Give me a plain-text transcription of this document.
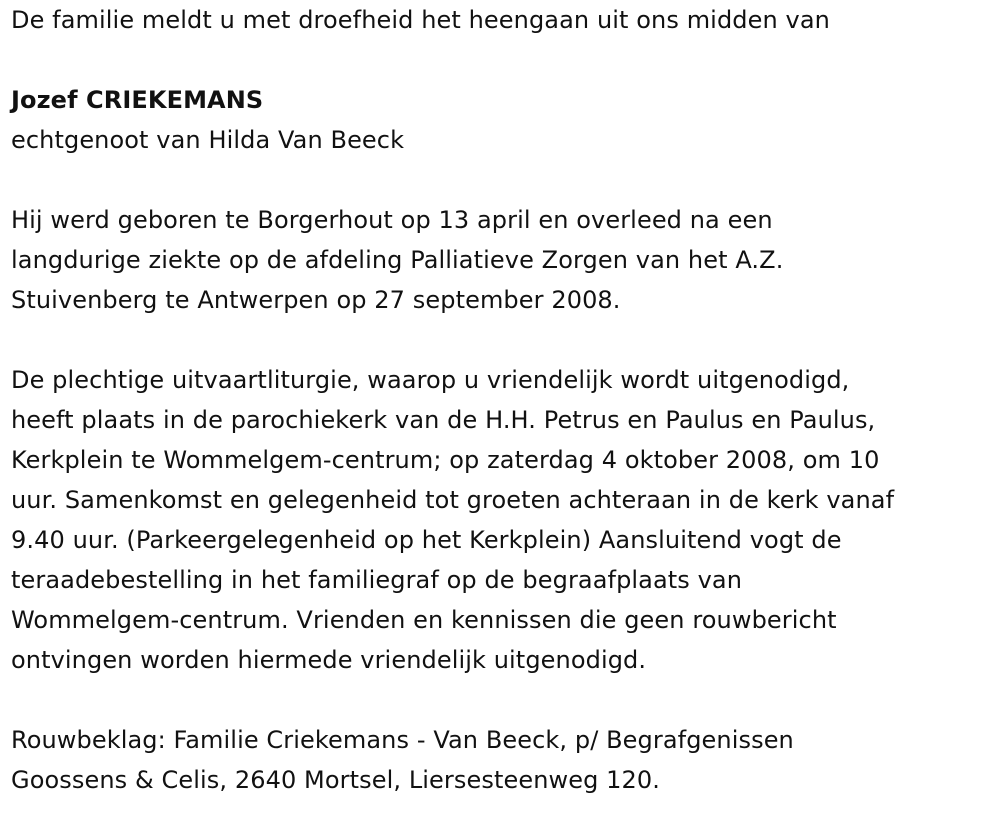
De familie meldt u met droefheid het heengaan uit ons midden van
Jozef CRIEKEMANS
echtgenoot van Hilda Van Beeck
Hij werd geboren te Borgerhout op 13 april en overleed na een
langdurige ziekte op de afdeling Palliatieve Zorgen van het A.Z.
Stuivenberg te Antwerpen op 27 september 2008.
De plechtige uitvaartliturgie, waarop u vriendelijk wordt uitgenodigd,
heeft plaats in de parochiekerk van de H.H. Petrus en Paulus en Paulus,
Kerkplein te Wommelgem-centrum; op zaterdag 4 oktober 2008, om 10
uur. Samenkomst en gelegenheid tot groeten achteraan in de kerk vanaf
9.40 uur. (Parkeergelegenheid op het Kerkplein) Aansluitend vogt de
teraadebestelling in het familiegraf op de begraafplaats van
Wommelgem-centrum. Vrienden en kennissen die geen rouwbericht
ontvingen worden hiermede vriendelijk uitgenodigd.
Rouwbeklag: Familie Criekemans - Van Beeck, p/ Begrafgenissen
Goossens & Celis, 2640 Mortsel, Liersesteenweg 120.
